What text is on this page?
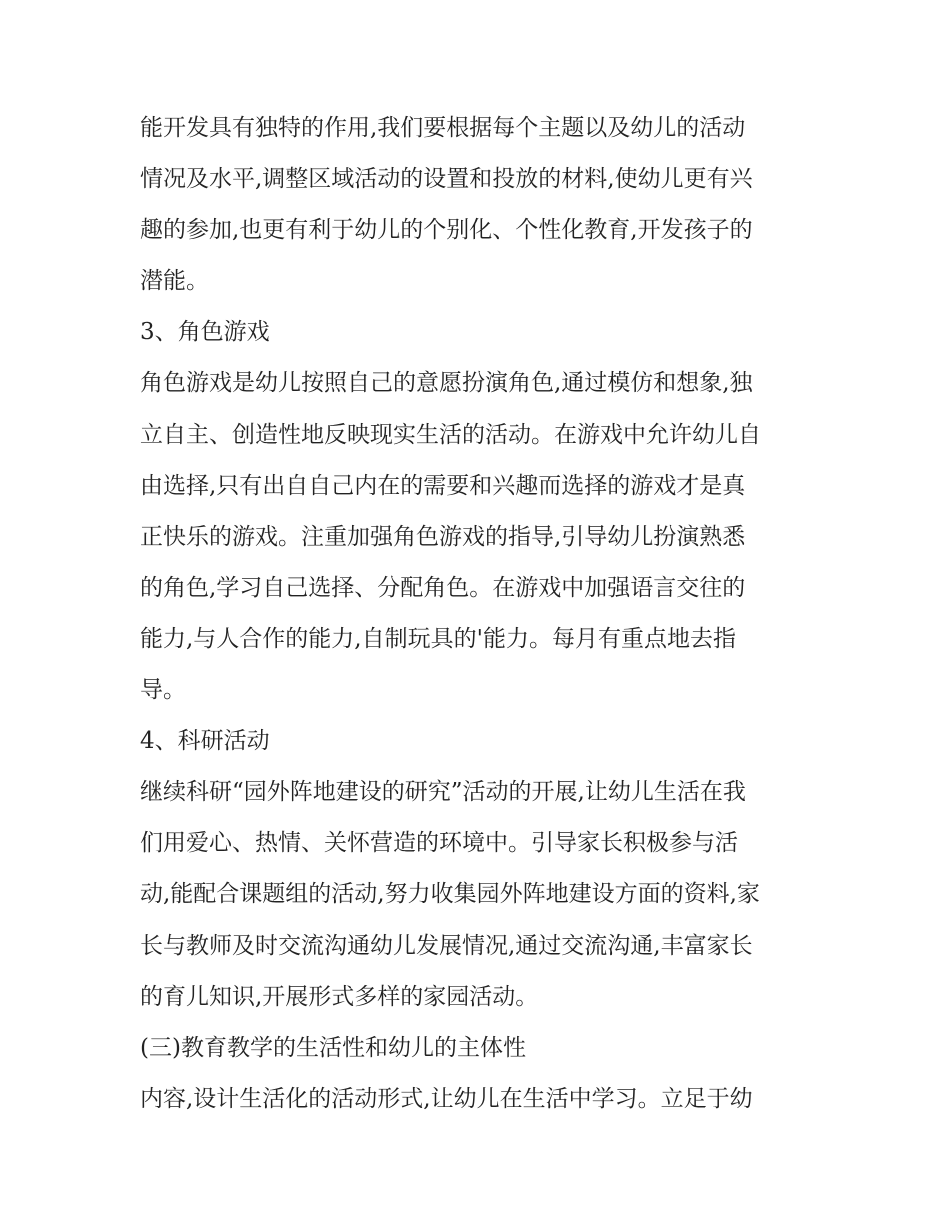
能开发具有独特的作用,我们要根据每个主题以及幼儿的活动
情况及水平,调整区域活动的设置和投放的材料,使幼儿更有兴
趣的参加,也更有利于幼儿的个别化、个性化教育,开发孩子的
潜能。
3、角色游戏
角色游戏是幼儿按照自己的意愿扮演角色,通过模仿和想象,独
立自主、创造性地反映现实生活的活动。在游戏中允许幼儿自
由选择,只有出自自己内在的需要和兴趣而选择的游戏才是真
正快乐的游戏。注重加强角色游戏的指导,引导幼儿扮演熟悉
的角色,学习自己选择、分配角色。在游戏中加强语言交往的
能力,与人合作的能力,自制玩具的'能力。每月有重点地去指
导。
4、科研活动
继续科研“园外阵地建设的研究”活动的开展,让幼儿生活在我
们用爱心、热情、关怀营造的环境中。引导家长积极参与活
动,能配合课题组的活动,努力收集园外阵地建设方面的资料,家
长与教师及时交流沟通幼儿发展情况,通过交流沟通,丰富家长
的育儿知识,开展形式多样的家园活动。
(三)教育教学的生活性和幼儿的主体性
内容,设计生活化的活动形式,让幼儿在生活中学习。立足于幼
